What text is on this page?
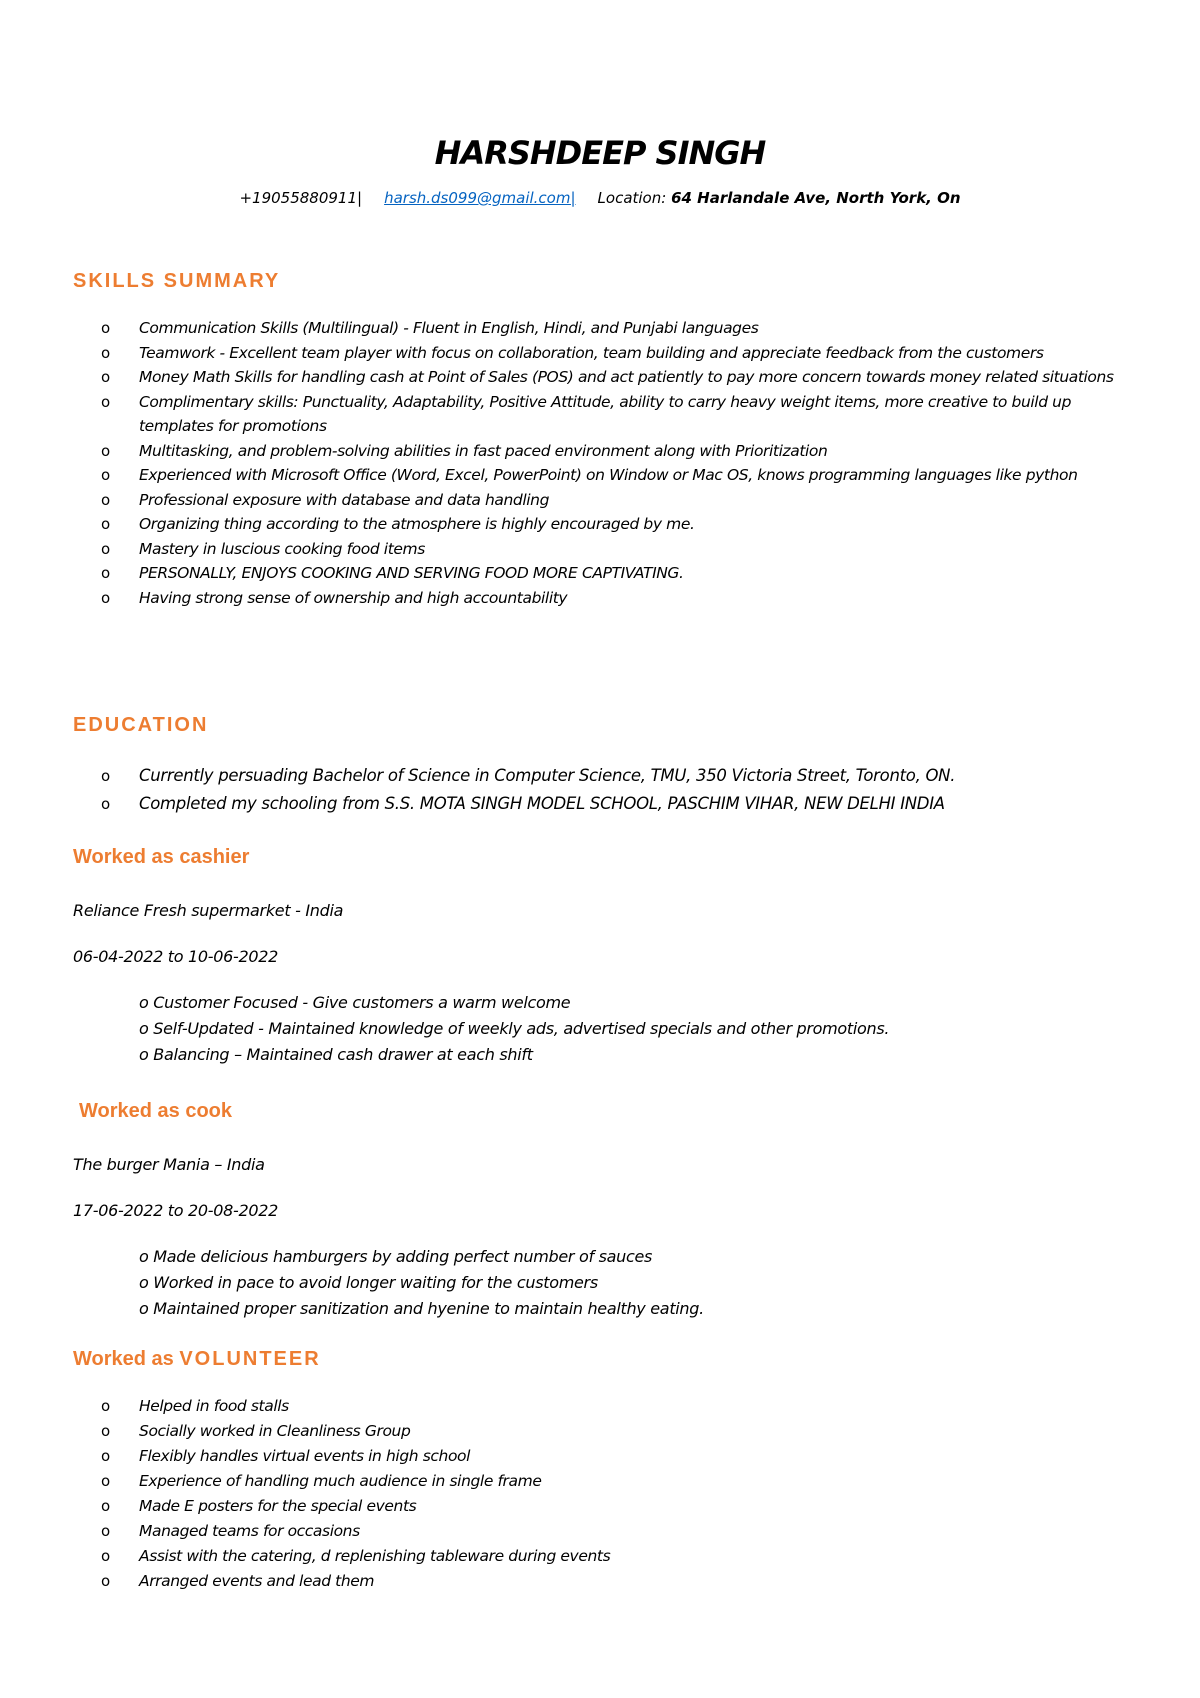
HARSHDEEP SINGH
+19055880911| harsh.ds099@gmail.com| Location: 64 Harlandale Ave, North York, On
SKILLS SUMMARY
o Communication Skills (Multilingual) - Fluent in English, Hindi, and Punjabi languages
o Teamwork - Excellent team player with focus on collaboration, team building and appreciate feedback from the customers
o Money Math Skills for handling cash at Point of Sales (POS) and act patiently to pay more concern towards money related situations
o Complimentary skills: Punctuality, Adaptability, Positive Attitude, ability to carry heavy weight items, more creative to build up templates for promotions
o Multitasking, and problem-solving abilities in fast paced environment along with Prioritization
o Experienced with Microsoft Office (Word, Excel, PowerPoint) on Window or Mac OS, knows programming languages like python
o Professional exposure with database and data handling
o Organizing thing according to the atmosphere is highly encouraged by me.
o Mastery in luscious cooking food items
o PERSONALLY, ENJOYS COOKING AND SERVING FOOD MORE CAPTIVATING.
o Having strong sense of ownership and high accountability
EDUCATION
o Currently persuading Bachelor of Science in Computer Science, TMU, 350 Victoria Street, Toronto, ON.
o Completed my schooling from S.S. MOTA SINGH MODEL SCHOOL, PASCHIM VIHAR, NEW DELHI INDIA
Worked as cashier
Reliance Fresh supermarket - India
06-04-2022 to 10-06-2022
o Customer Focused - Give customers a warm welcome
o Self-Updated - Maintained knowledge of weekly ads, advertised specials and other promotions.
o Balancing – Maintained cash drawer at each shift
Worked as cook
The burger Mania – India
17-06-2022 to 20-08-2022
o Made delicious hamburgers by adding perfect number of sauces
o Worked in pace to avoid longer waiting for the customers
o Maintained proper sanitization and hyenine to maintain healthy eating.
Worked as VOLUNTEER
o Helped in food stalls
o Socially worked in Cleanliness Group
o Flexibly handles virtual events in high school
o Experience of handling much audience in single frame
o Made E posters for the special events
o Managed teams for occasions
o Assist with the catering, d replenishing tableware during events
o Arranged events and lead them
